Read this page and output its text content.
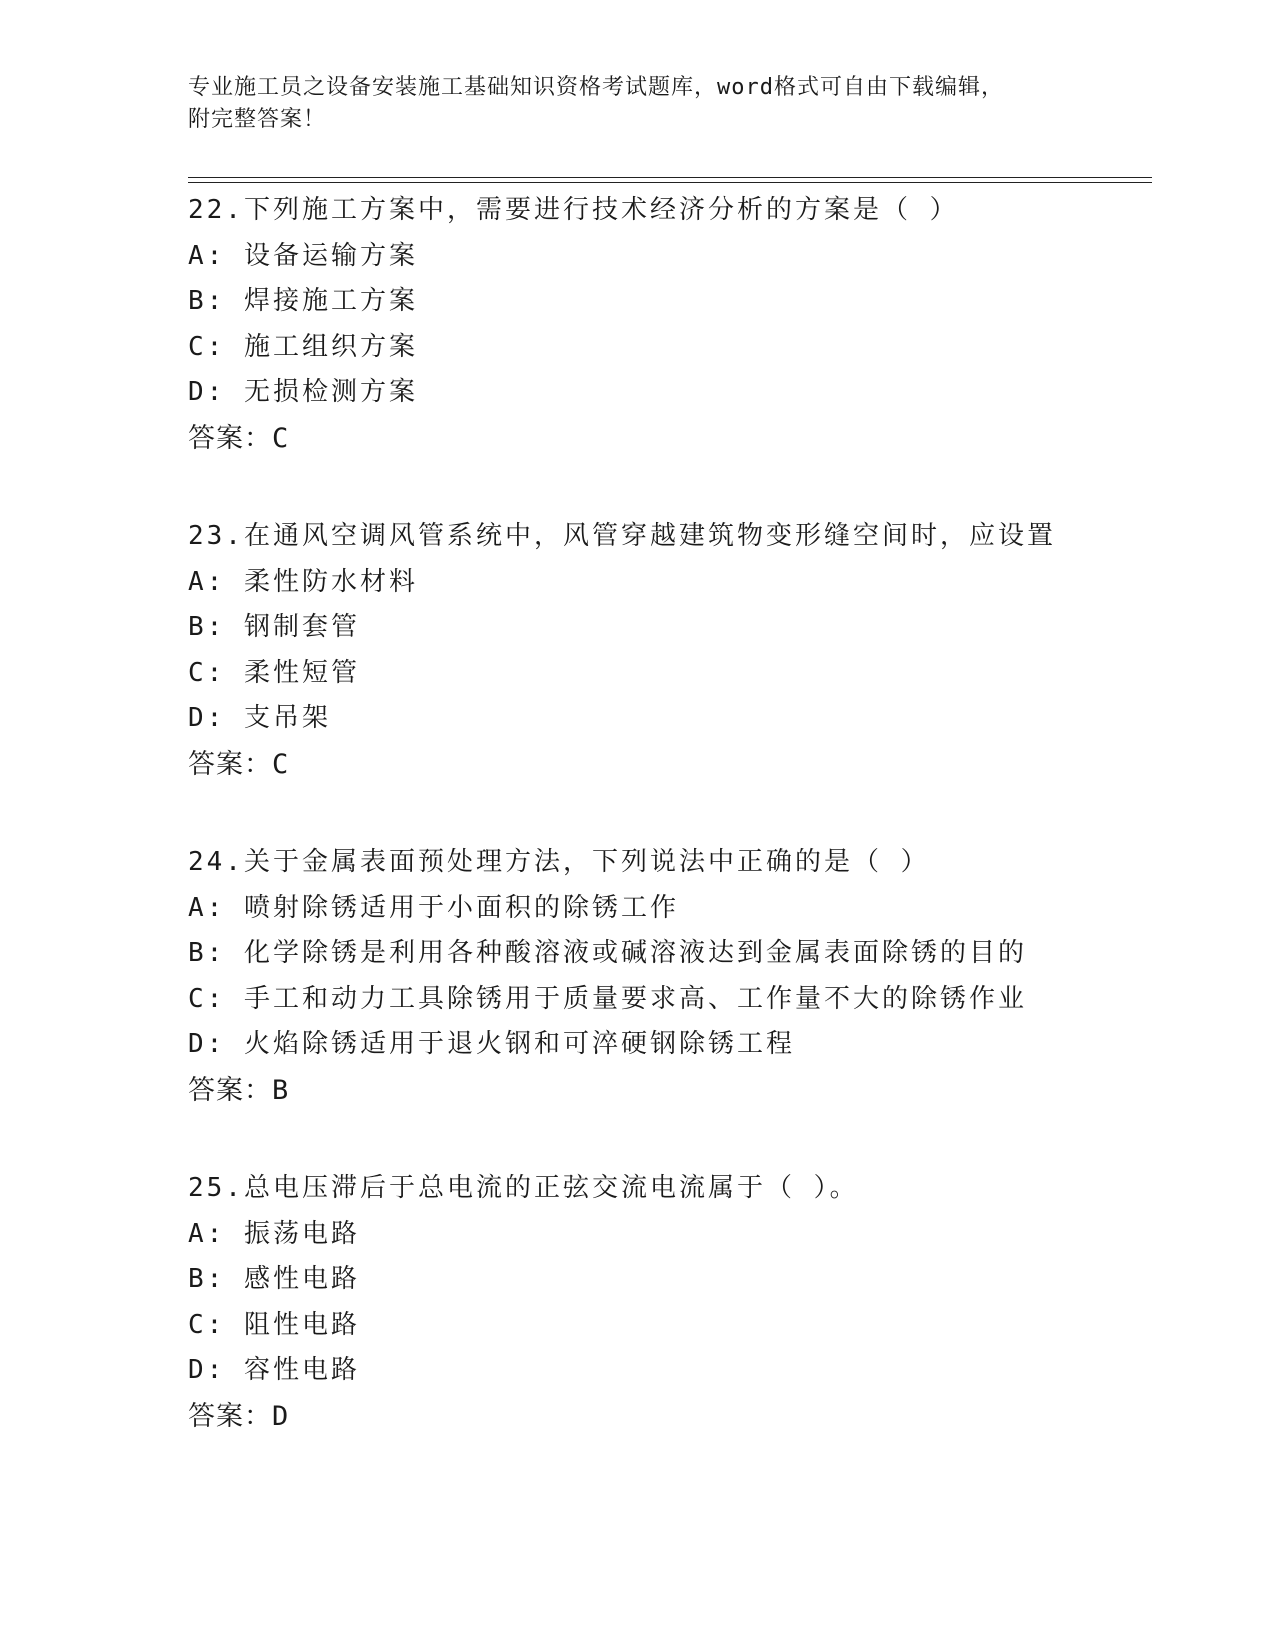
专业施工员之设备安装施工基础知识资格考试题库，word格式可自由下载编辑，
附完整答案！
22.下列施工方案中，需要进行技术经济分析的方案是（ ）
A: 设备运输方案
B: 焊接施工方案
C: 施工组织方案
D: 无损检测方案
答案：C
23.在通风空调风管系统中，风管穿越建筑物变形缝空间时，应设置
A: 柔性防水材料
B: 钢制套管
C: 柔性短管
D: 支吊架
答案：C
24.关于金属表面预处理方法，下列说法中正确的是（ ）
A: 喷射除锈适用于小面积的除锈工作
B: 化学除锈是利用各种酸溶液或碱溶液达到金属表面除锈的目的
C: 手工和动力工具除锈用于质量要求高、工作量不大的除锈作业
D: 火焰除锈适用于退火钢和可淬硬钢除锈工程
答案：B
25.总电压滞后于总电流的正弦交流电流属于（ ）。
A: 振荡电路
B: 感性电路
C: 阻性电路
D: 容性电路
答案：D
